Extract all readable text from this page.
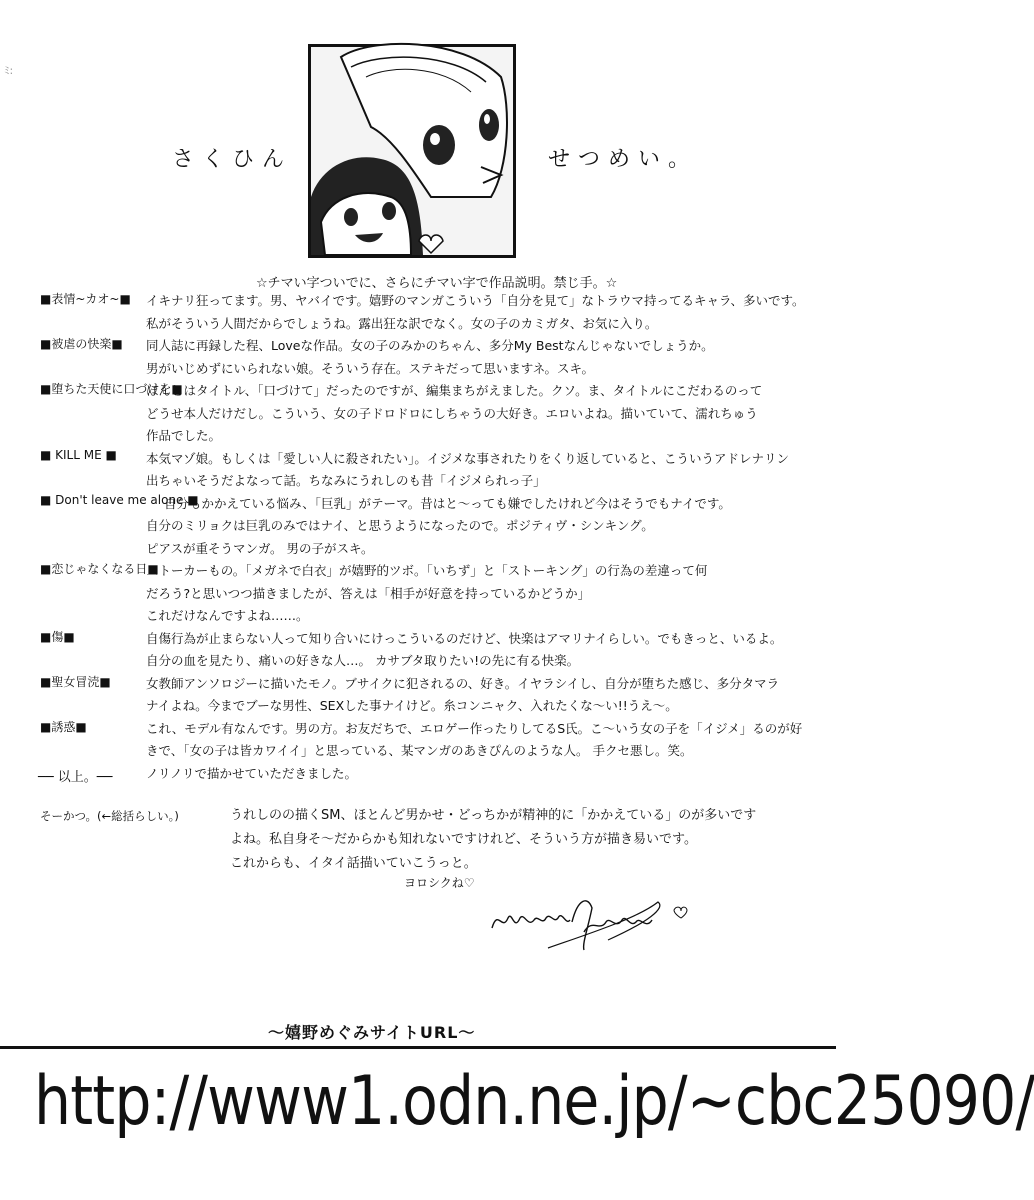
ﾐ:
さくひん	せつめい。
☆チマい字ついでに、さらにチマい字で作品説明。禁じ手。☆
■表情~カオ~■ イキナリ狂ってます。男、ヤバイです。嬉野のマンガこういう「自分を見て」なトラウマ持ってるキャラ、多いです。
私がそういう人間だからでしょうね。露出狂な訳でなく。女の子のカミガタ、お気に入り。
■被虐の快楽■ 同人誌に再録した程、Loveな作品。女の子のみかのちゃん、多分My Bestなんじゃないでしょうか。
男がいじめずにいられない娘。そういう存在。ステキだって思いますネ。スキ。
■堕ちた天使に口づけを■
ほんとはタイトル、「口づけて」だったのですが、編集まちがえました。クソ。ま、タイトルにこだわるのって
どうせ本人だけだし。こういう、女の子ドロドロにしちゃうの大好き。エロいよね。描いていて、濡れちゅう
作品でした。
■ KILL ME ■ 本気マゾ娘。もしくは「愛しい人に殺されたい」。イジメな事されたりをくり返していると、こういうアドレナリン
出ちゃいそうだよなって話。ちなみにうれしのも昔「イジメられっ子」
■ Don't leave me alone ■
自分もかかえている悩み、「巨乳」がテーマ。昔はと～っても嫌でしたけれど今はそうでもナイです。
自分のミリョクは巨乳のみではナイ、と思うようになったので。ポジティヴ・シンキング。
ピアスが重そうマンガ。 男の子がスキ。
■恋じゃなくなる日■
ストーカーもの。「メガネで白衣」が嬉野的ツボ。「いちず」と「ストーキング」の行為の差違って何
だろう?と思いつつ描きましたが、答えは「相手が好意を持っているかどうか」
これだけなんですよね……。
■傷■	自傷行為が止まらない人って知り合いにけっこういるのだけど、快楽はアマリナイらしい。でもきっと、いるよ。
自分の血を見たり、痛いの好きな人…。 カサブタ取りたい!の先に有る快楽。
■聖女冒涜■	女教師アンソロジーに描いたモノ。ブサイクに犯されるの、好き。イヤラシイし、自分が堕ちた感じ、多分タマラ
ナイよね。今までブーな男性、SEXした事ナイけど。糸コンニャク、入れたくな～い!!うえ～。
■誘惑■	これ、モデル有なんです。男の方。お友だちで、エロゲー作ったりしてるS氏。こ～いう女の子を「イジメ」るのが好
きで、「女の子は皆カワイイ」と思っている、某マンガのあきぴんのような人。 手クセ悪し。笑。
ノリノリで描かせていただきました。
── 以上。──
そーかつ。(←総括らしい。)	うれしのの描くSM、ほとんど男かせ・どっちかが精神的に「かかえている」のが多いです
よね。私自身そ～だからかも知れないですけれど、そういう方が描き易いです。
これからも、イタイ話描いていこうっと。
ヨロシクね♡
～嬉野めぐみサイトURL～
http://www1.odn.ne.jp/~cbc25090/
